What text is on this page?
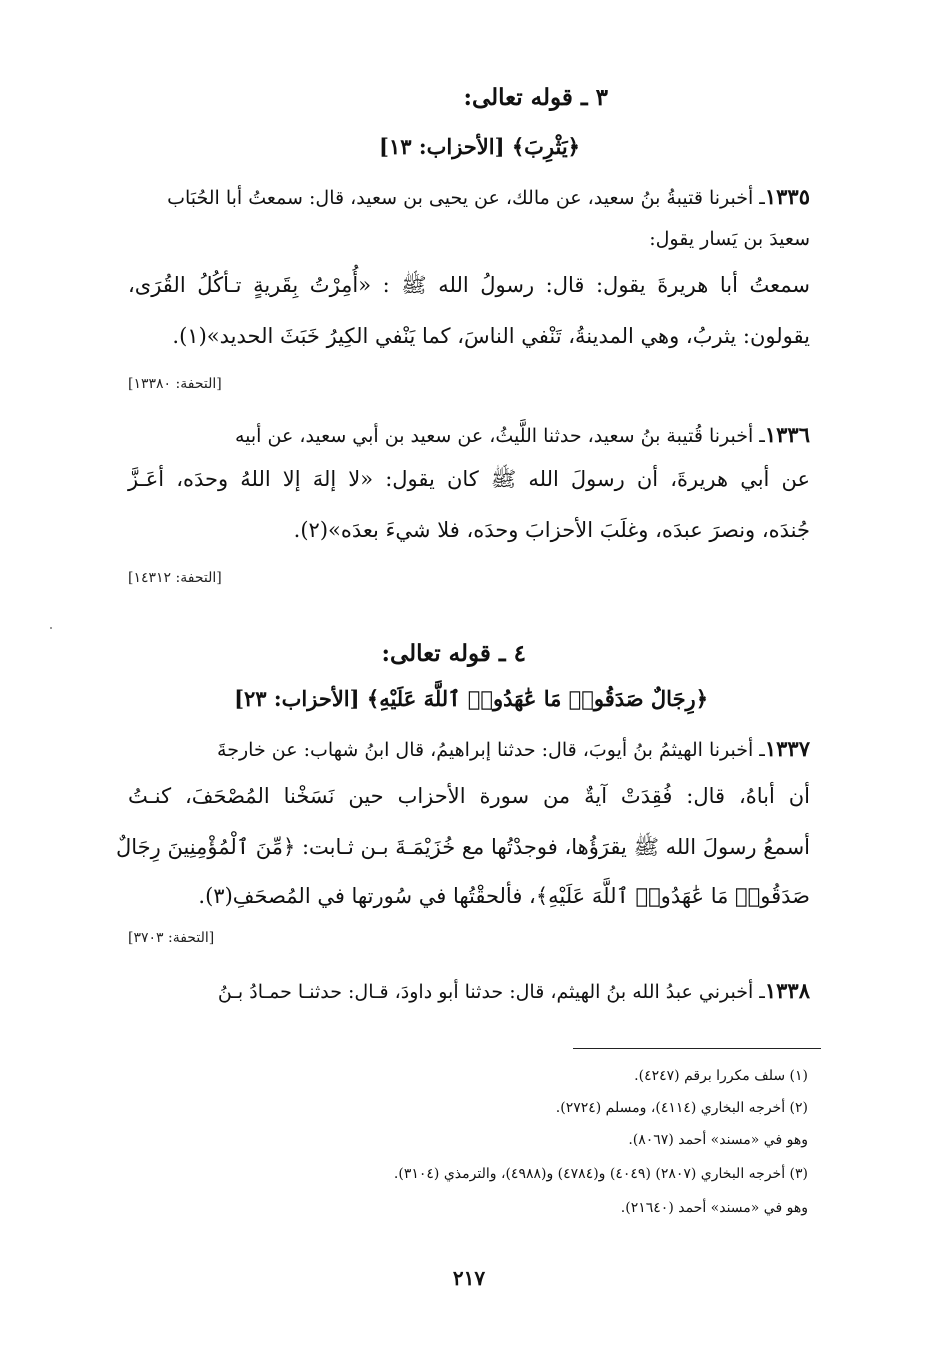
٣ ـ قوله تعالى:
﴿يَثْرِبَ﴾ [الأحزاب: ١٣]
١٣٣٥ـ أخبرنا قتيبةُ بنُ سعيد، عن مالك، عن يحيى بن سعيد، قال: سمعتُ أبا الحُبَاب
سعيدَ بن يَسار يقول:
سمعتُ أبا هريرةَ يقول: قال: رسولُ الله ﷺ : «أُمِرْتُ بِقَريةٍ تـأكُلُ القُرَى،
يقولون: يثربُ، وهي المدينةُ، تَنْفي الناسَ، كما يَنْفي الكِيرُ خَبَثَ الحديد»(١).
[التحفة: ١٣٣٨٠]
١٣٣٦ـ أخبرنا قُتيبة بنُ سعيد، حدثنا اللَّيثُ، عن سعيد بن أبي سعيد، عن أبيه
عن أبي هريرةَ، أن رسولَ الله ﷺ كان يقول: «لا إلهَ إلا اللهُ وحدَه، أعَـزَّ
جُندَه، ونصرَ عبدَه، وغلَبَ الأحزابَ وحدَه، فلا شيءَ بعدَه»(٢).
[التحفة: ١٤٣١٢]
٤ ـ قوله تعالى:
﴿رِجَالٌ صَدَقُوا۟ مَا عَٰهَدُوا۟ ٱللَّهَ عَلَيْهِ﴾ [الأحزاب: ٢٣]
١٣٣٧ـ أخبرنا الهيثمُ بنُ أيوبَ، قال: حدثنا إبراهيمُ، قال ابنُ شهاب: عن خارجةَ
أن أباهُ، قال: فُقِدَتْ آيةٌ من سورة الأحزاب حين نَسَخْنا المُصْحَفَ، كنـتُ
أسمعُ رسولَ الله ﷺ يقرَؤُها، فوجدْتُها مع خُزَيْمَـةَ بـن ثـابت: ﴿مِّنَ ٱلْمُؤْمِنِينَ رِجَالٌ
صَدَقُوا۟ مَا عَٰهَدُوا۟ ٱللَّهَ عَلَيْهِ﴾، فألحقْتُها في سُورتها في المُصحَفِ(٣).
[التحفة: ٣٧٠٣]
١٣٣٨ـ أخبرني عبدُ الله بنُ الهيثم، قال: حدثنا أبو داودَ، قـال: حدثنـا حمـادُ بـنُ
(١) سلف مكررا برقم (٤٢٤٧).
(٢) أخرجه البخاري (٤١١٤)، ومسلم (٢٧٢٤).
وهو في «مسند» أحمد (٨٠٦٧).
(٣) أخرجه البخاري (٢٨٠٧) (٤٠٤٩) و(٤٧٨٤) و(٤٩٨٨)، والترمذي (٣١٠٤).
وهو في «مسند» أحمد (٢١٦٤٠).
٢١٧
